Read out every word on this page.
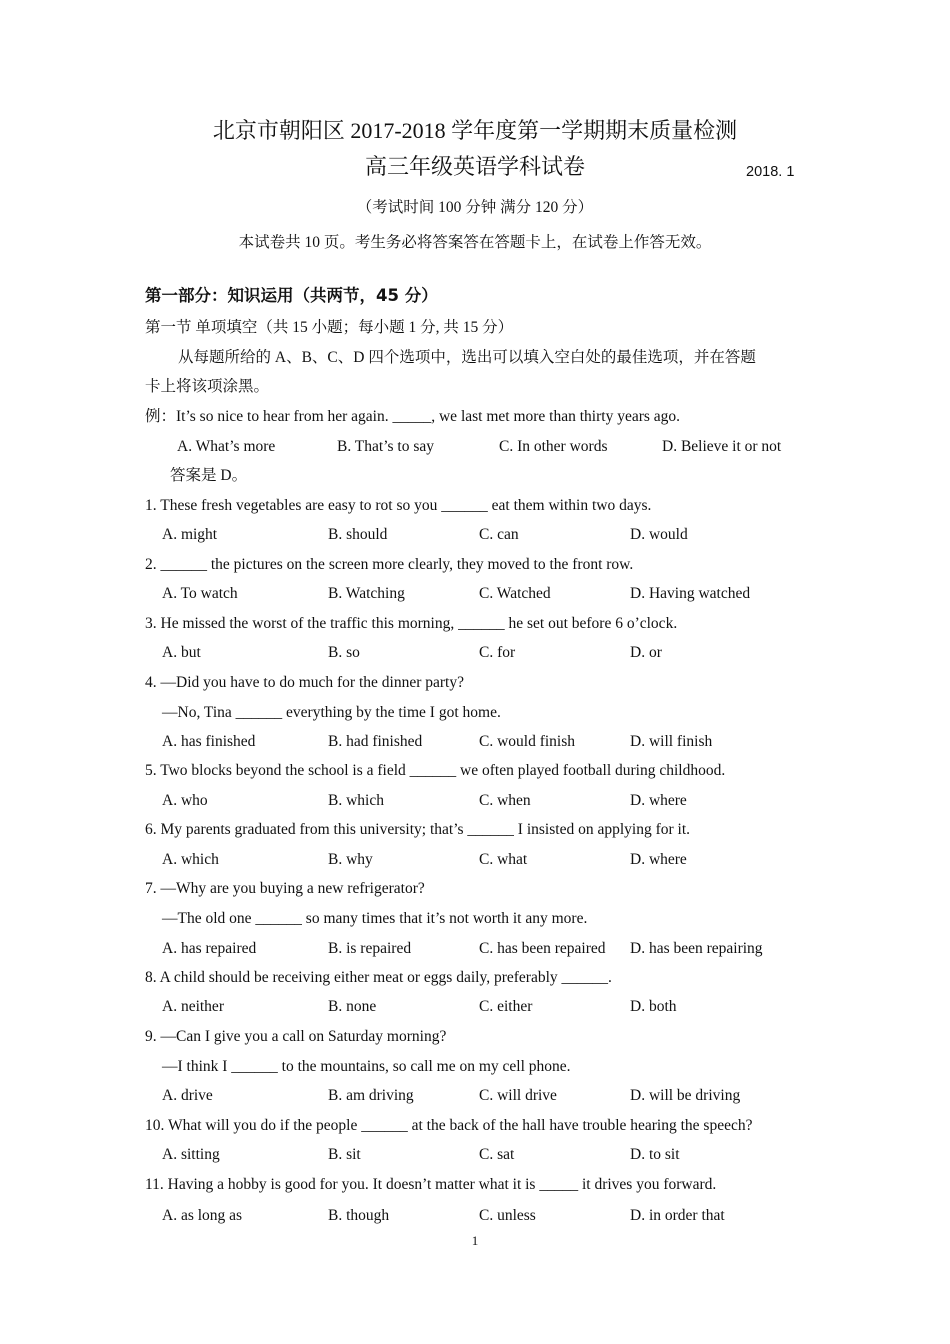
北京市朝阳区 2017-2018 学年度第一学期期末质量检测
高三年级英语学科试卷	2018. 1
（考试时间 100 分钟 满分 120 分）
本试卷共 10 页。考生务必将答案答在答题卡上，在试卷上作答无效。
第一部分：知识运用（共两节，45 分）
第一节 单项填空（共 15 小题；每小题 1 分, 共 15 分）
从每题所给的 A、B、C、D 四个选项中，选出可以填入空白处的最佳选项，并在答题
卡上将该项涂黑。
例：It’s so nice to hear from her again. _____, we last met more than thirty years ago.
A. What’s more	B. That’s to say	C. In other words	D. Believe it or not
答案是 D。
1. These fresh vegetables are easy to rot so you ______ eat them within two days.
A. might	B. should	C. can	D. would
2. ______ the pictures on the screen more clearly, they moved to the front row.
A. To watch	B. Watching	C. Watched	D. Having watched
3. He missed the worst of the traffic this morning, ______ he set out before 6 o’clock.
A. but	B. so	C. for	D. or
4. —Did you have to do much for the dinner party?
—No, Tina ______ everything by the time I got home.
A. has finished	B. had finished	C. would finish	D. will finish
5. Two blocks beyond the school is a field ______ we often played football during childhood.
A. who	B. which	C. when	D. where
6. My parents graduated from this university; that’s ______ I insisted on applying for it.
A. which	B. why	C. what	D. where
7. —Why are you buying a new refrigerator?
—The old one ______ so many times that it’s not worth it any more.
A. has repaired	B. is repaired	C. has been repaired D. has been repairing
8. A child should be receiving either meat or eggs daily, preferably ______.
A. neither	B. none	C. either	D. both
9. —Can I give you a call on Saturday morning?
—I think I ______ to the mountains, so call me on my cell phone.
A. drive	B. am driving	C. will drive	D. will be driving
10. What will you do if the people ______ at the back of the hall have trouble hearing the speech?
A. sitting	B. sit	C. sat	D. to sit
11. Having a hobby is good for you. It doesn’t matter what it is _____ it drives you forward.
A. as long as	B. though	C. unless	D. in order that
1
